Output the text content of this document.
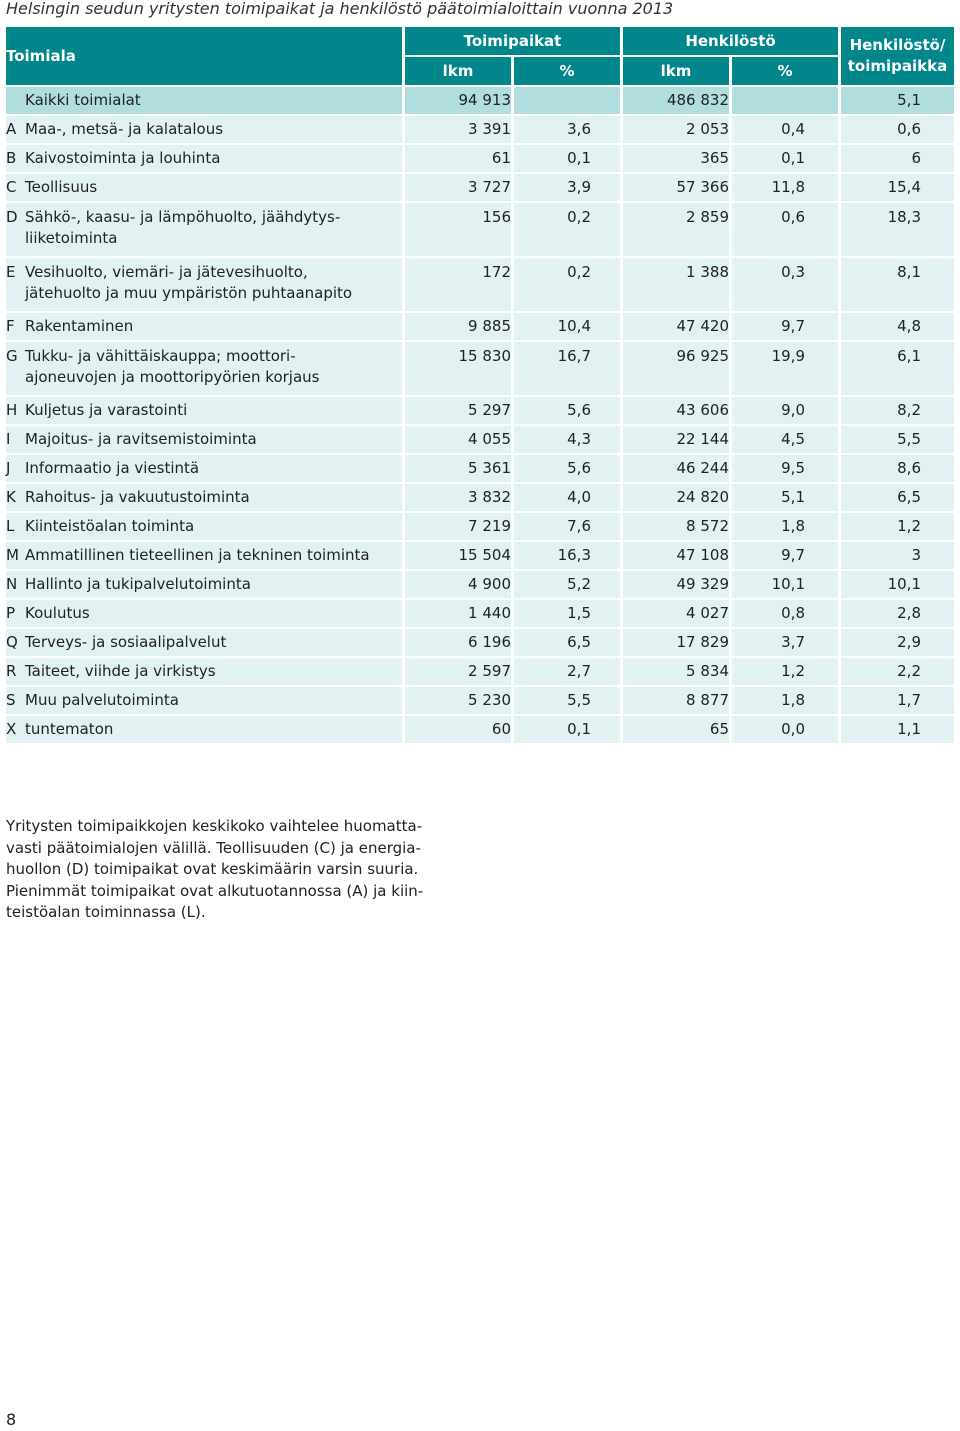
Helsingin seudun yritysten toimipaikat ja henkilöstö päätoimialoittain vuonna 2013
Toimiala		Toimipaikat				Henkilöstö				Henkilöstö/
toimipaikka

		lkm		%		lkm		%		

Kaikki toimialat		94 913				486 832				5,1

A Maa-, metsä- ja kalatalous		3 391		3,6		2 053		0,4		0,6

B Kaivostoiminta ja louhinta		61		0,1		365		0,1		6

C Teollisuus		3 727		3,9		57 366		11,8		15,4

D Sähkö-, kaasu- ja lämpöhuolto, jäähdytys-
liiketoiminta		156		0,2		2 859		0,6		18,3

E Vesihuolto, viemäri- ja jätevesihuolto,
jätehuolto ja muu ympäristön puhtaanapito		172		0,2		1 388		0,3		8,1

F Rakentaminen		9 885		10,4		47 420		9,7		4,8

G Tukku- ja vähittäiskauppa; moottori-
ajoneuvojen ja moottoripyörien korjaus		15 830		16,7		96 925		19,9		6,1

H Kuljetus ja varastointi		5 297		5,6		43 606		9,0		8,2

I Majoitus- ja ravitsemistoiminta		4 055		4,3		22 144		4,5		5,5

J Informaatio ja viestintä		5 361		5,6		46 244		9,5		8,6

K Rahoitus- ja vakuutustoiminta		3 832		4,0		24 820		5,1		6,5

L Kiinteistöalan toiminta		7 219		7,6		8 572		1,8		1,2

M Ammatillinen tieteellinen ja tekninen toiminta		15 504		16,3		47 108		9,7		3

N Hallinto ja tukipalvelutoiminta		4 900		5,2		49 329		10,1		10,1

P Koulutus		1 440		1,5		4 027		0,8		2,8

Q Terveys- ja sosiaalipalvelut		6 196		6,5		17 829		3,7		2,9

R Taiteet, viihde ja virkistys		2 597		2,7		5 834		1,2		2,2

S Muu palvelutoiminta		5 230		5,5		8 877		1,8		1,7

X tuntematon		60		0,1		65		0,0		1,1

Yritysten toimipaikkojen keskikoko vaihtelee huomatta-

vasti päätoimialojen välillä. Teollisuuden (C) ja energia-

huollon (D) toimipaikat ovat keskimäärin varsin suuria.

Pienimmät toimipaikat ovat alkutuotannossa (A) ja kiin-

teistöalan toiminnassa (L).

8
